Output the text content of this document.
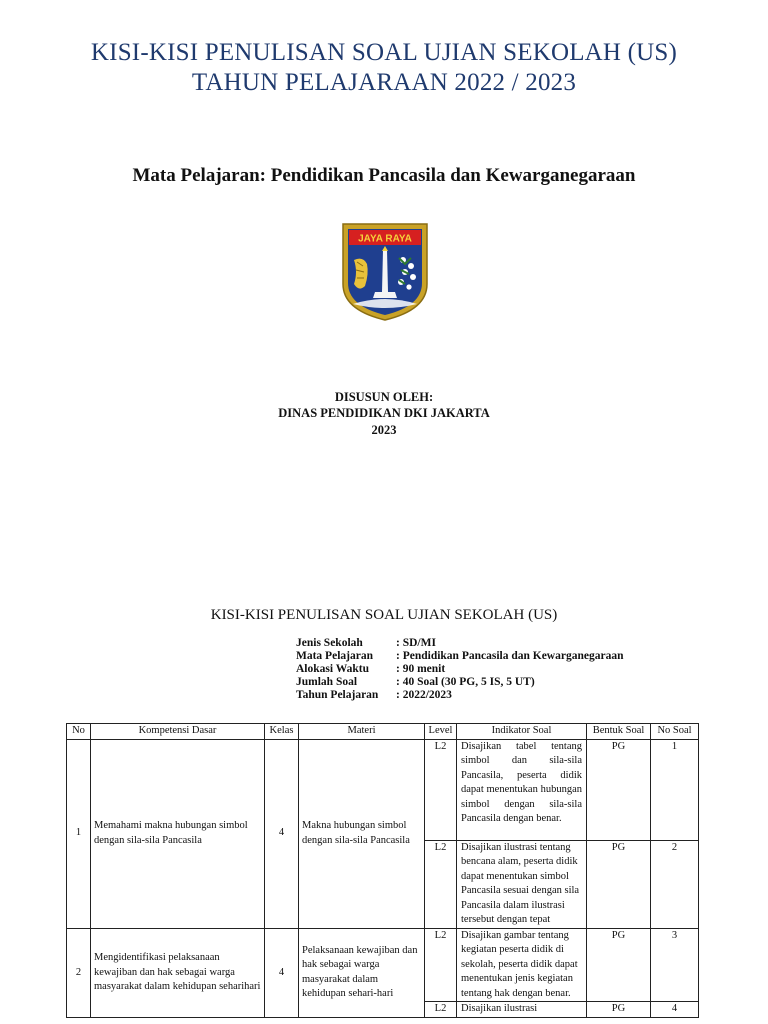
KISI-KISI PENULISAN SOAL UJIAN SEKOLAH (US)
TAHUN PELAJARAAN 2022 / 2023
Mata Pelajaran: Pendidikan Pancasila dan Kewarganegaraan
JAYA RAYA
DISUSUN OLEH:
DINAS PENDIDIKAN DKI JAKARTA
2023
KISI-KISI PENULISAN SOAL UJIAN SEKOLAH (US)
Jenis Sekolah	: SD/MI
Mata Pelajaran : Pendidikan Pancasila dan Kewarganegaraan
Alokasi Waktu : 90 menit
Jumlah Soal	: 40 Soal (30 PG, 5 IS, 5 UT)
Tahun Pelajaran : 2022/2023
No	Kompetensi Dasar	Kelas	Materi	Level	Indikator Soal	Bentuk Soal	No Soal
1	Memahami makna hubungan simbol dengan sila-sila Pancasila	4	Makna hubungan simbol dengan sila-sila Pancasila	L2	Disajikan tabel tentang simbol dan sila-sila Pancasila, peserta didik dapat menentukan hubungan simbol dengan sila-sila Pancasila dengan benar.	PG	1
				L2	Disajikan ilustrasi tentang bencana alam, peserta didik dapat menentukan simbol Pancasila sesuai dengan sila Pancasila dalam ilustrasi tersebut dengan tepat	PG	2
2	Mengidentifikasi pelaksanaan kewajiban dan hak sebagai warga masyarakat dalam kehidupan seharihari	4	Pelaksanaan kewajiban dan hak sebagai warga masyarakat dalam kehidupan sehari-hari	L2	Disajikan gambar tentang kegiatan peserta didik di sekolah, peserta didik dapat menentukan jenis kegiatan tentang hak dengan benar.	PG	3
				L2	Disajikan ilustrasi	PG	4
